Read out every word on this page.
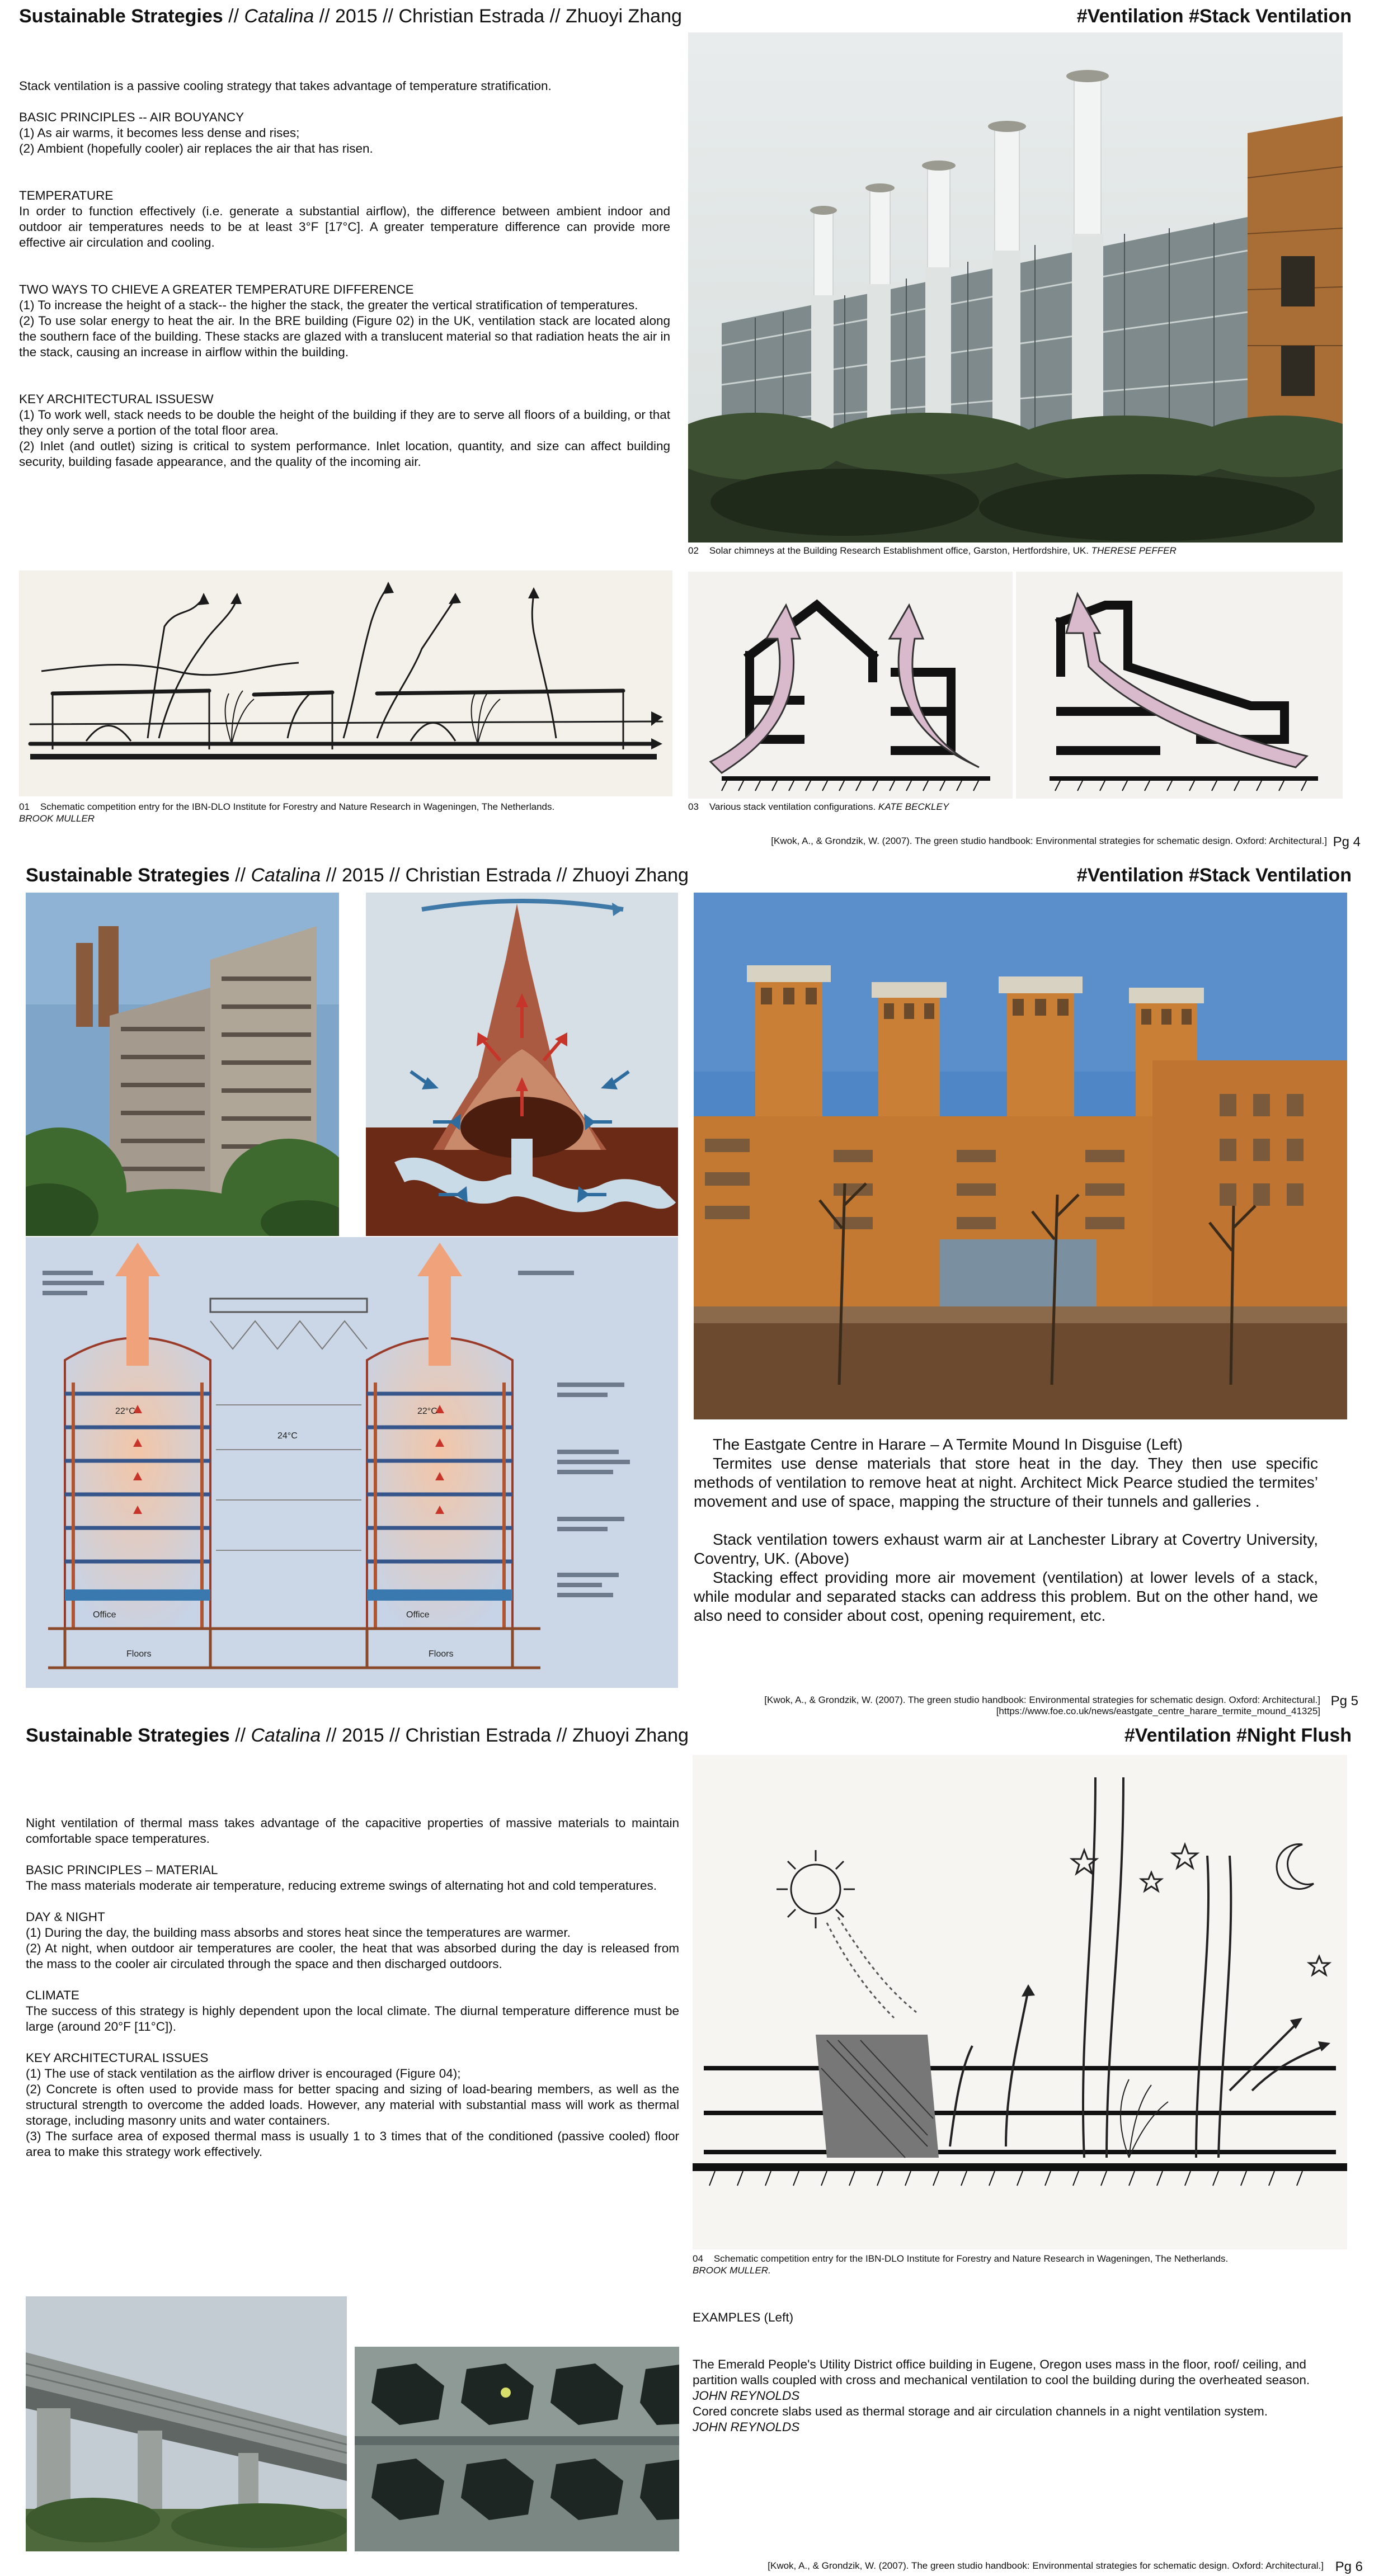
Sustainable Strategies // Catalina // 2015 // Christian Estrada // Zhuoyi Zhang	#Ventilation #Stack Ventilation

Stack ventilation is a passive cooling strategy that takes advantage of temperature stratification.

BASIC PRINCIPLES -- AIR BOUYANCY
(1) As air warms, it becomes less dense and rises;
(2) Ambient (hopefully cooler) air replaces the air that has risen.

TEMPERATURE
In order to function effectively (i.e. generate a substantial airflow), the difference between ambient indoor and outdoor air temperatures needs to be at least 3°F [17°C]. A greater temperature difference can provide more effective air circulation and cooling.

TWO WAYS TO CHIEVE A GREATER TEMPERATURE DIFFERENCE
(1) To increase the height of a stack-- the higher the stack, the greater the vertical stratification of temperatures.
(2) To use solar energy to heat the air. In the BRE building (Figure 02) in the UK, ventilation stack are located along the southern face of the building. These stacks are glazed with a translucent material so that radiation heats the air in the stack, causing an increase in airflow within the building.

KEY ARCHITECTURAL ISSUESW
(1) To work well, stack needs to be double the height of the building if they are to serve all floors of a building, or that they only serve a portion of the total floor area.
(2) Inlet (and outlet) sizing is critical to system performance. Inlet location, quantity, and size can affect building security, building fasade appearance, and the quality of the incoming air.

02 Solar chimneys at the Building Research Establishment office, Garston, Hertfordshire, UK. THERESE PEFFER
01 Schematic competition entry for the IBN-DLO Institute for Forestry and Nature Research in Wageningen, The Netherlands.
BROOK MULLER
03 Various stack ventilation configurations. KATE BECKLEY
[Kwok, A., & Grondzik, W. (2007). The green studio handbook: Environmental strategies for schematic design. Oxford: Architectural.] Pg 4
Sustainable Strategies // Catalina // 2015 // Christian Estrada // Zhuoyi Zhang	#Ventilation #Stack Ventilation
22°C	22°C
24°C
Office	Office
Floors	Floors

The Eastgate Centre in Harare – A Termite Mound In Disguise (Left)

Termites use dense materials that store heat in the day. They then use specific methods of ventilation to remove heat at night. Architect Mick Pearce studied the termites’ movement and use of space, mapping the structure of their tunnels and galleries .

Stack ventilation towers exhaust warm air at Lanchester Library at Covertry University, Coventry, UK. (Above)

Stacking effect providing more air movement (ventilation) at lower levels of a stack, while modular and separated stacks can address this problem. But on the other hand, we also need to consider about cost, opening requirement, etc.

[Kwok, A., & Grondzik, W. (2007). The green studio handbook: Environmental strategies for schematic design. Oxford: Architectural.]
[https://www.foe.co.uk/news/eastgate_centre_harare_termite_mound_41325]
Pg 5
Sustainable Strategies // Catalina // 2015 // Christian Estrada // Zhuoyi Zhang	#Ventilation #Night Flush

Night ventilation of thermal mass takes advantage of the capacitive properties of massive materials to maintain comfortable space temperatures.

BASIC PRINCIPLES – MATERIAL
The mass materials moderate air temperature, reducing extreme swings of alternating hot and cold temperatures.

DAY & NIGHT
(1) During the day, the building mass absorbs and stores heat since the temperatures are warmer.
(2) At night, when outdoor air temperatures are cooler, the heat that was absorbed during the day is released from the mass to the cooler air circulated through the space and then discharged outdoors.

CLIMATE
The success of this strategy is highly dependent upon the local climate. The diurnal temperature difference must be large (around 20°F [11°C]).

KEY ARCHITECTURAL ISSUES
(1) The use of stack ventilation as the airflow driver is encouraged (Figure 04);
(2) Concrete is often used to provide mass for better spacing and sizing of load-bearing members, as well as the structural strength to overcome the added loads. However, any material with substantial mass will work as thermal storage, including masonry units and water containers.
(3) The surface area of exposed thermal mass is usually 1 to 3 times that of the conditioned (passive cooled) floor area to make this strategy work effectively.

04 Schematic competition entry for the IBN-DLO Institute for Forestry and Nature Research in Wageningen, The Netherlands.
BROOK MULLER.

EXAMPLES (Left)

The Emerald People's Utility District office building in Eugene, Oregon uses mass in the floor, roof/ ceiling, and partition walls coupled with cross and mechanical ventilation to cool the building during the overheated season. JOHN REYNOLDS
Cored concrete slabs used as thermal storage and air circulation channels in a night ventilation system.
JOHN REYNOLDS

[Kwok, A., & Grondzik, W. (2007). The green studio handbook: Environmental strategies for schematic design. Oxford: Architectural.] Pg 6
